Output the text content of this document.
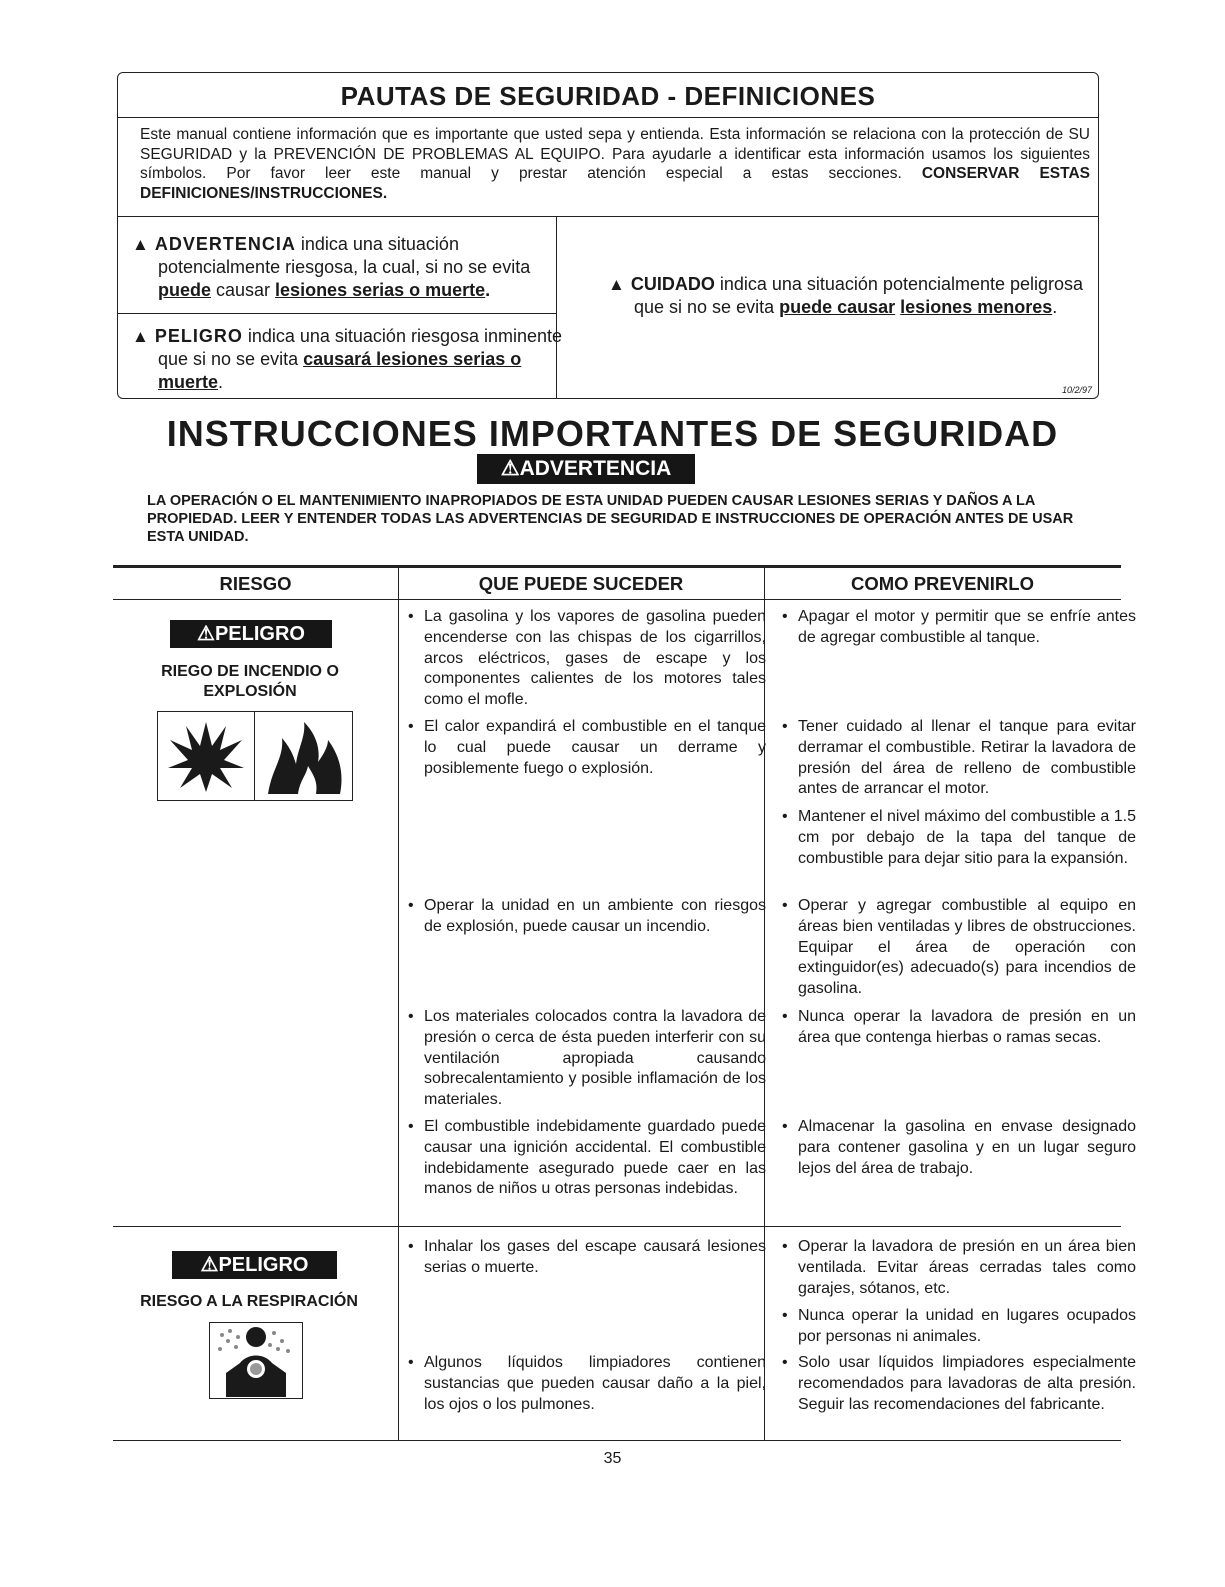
PAUTAS DE SEGURIDAD - DEFINICIONES
Este manual contiene información que es importante que usted sepa y entienda. Esta información se relaciona con la protección de SU SEGURIDAD y la PREVENCIÓN DE PROBLEMAS AL EQUIPO. Para ayudarle a identificar esta información usamos los siguientes símbolos. Por favor leer este manual y prestar atención especial a estas secciones. CONSERVAR ESTAS DEFINICIONES/INSTRUCCIONES.
▲ ADVERTENCIA indica una situación potencialmente riesgosa, la cual, si no se evita puede causar lesiones serias o muerte.
▲ PELIGRO indica una situación riesgosa inminente que si no se evita causará lesiones serias o muerte.
▲ CUIDADO indica una situación potencialmente peligrosa que si no se evita puede causar lesiones menores.
10/2/97
INSTRUCCIONES IMPORTANTES DE SEGURIDAD
⚠ADVERTENCIA
LA OPERACIÓN O EL MANTENIMIENTO INAPROPIADOS DE ESTA UNIDAD PUEDEN CAUSAR LESIONES SERIAS Y DAÑOS A LA PROPIEDAD. LEER Y ENTENDER TODAS LAS ADVERTENCIAS DE SEGURIDAD E INSTRUCCIONES DE OPERACIÓN ANTES DE USAR ESTA UNIDAD.
RIESGO	QUE PUEDE SUCEDER	COMO PREVENIRLO
⚠PELIGRO
RIEGO DE INCENDIO O EXPLOSIÓN
• La gasolina y los vapores de gasolina pueden encenderse con las chispas de los cigarrillos, arcos eléctricos, gases de escape y los componentes calientes de los motores tales como el mofle.
• El calor expandirá el combustible en el tanque lo cual puede causar un derrame y posiblemente fuego o explosión.
• Operar la unidad en un ambiente con riesgos de explosión, puede causar un incendio.
• Los materiales colocados contra la lavadora de presión o cerca de ésta pueden interferir con su ventilación apropiada causando sobrecalentamiento y posible inflamación de los materiales.
• El combustible indebidamente guardado puede causar una ignición accidental. El combustible indebidamente asegurado puede caer en las manos de niños u otras personas indebidas.
• Apagar el motor y permitir que se enfríe antes de agregar combustible al tanque.
• Tener cuidado al llenar el tanque para evitar derramar el combustible. Retirar la lavadora de presión del área de relleno de combustible antes de arrancar el motor.
• Mantener el nivel máximo del combustible a 1.5 cm por debajo de la tapa del tanque de combustible para dejar sitio para la expansión.
• Operar y agregar combustible al equipo en áreas bien ventiladas y libres de obstrucciones. Equipar el área de operación con extinguidor(es) adecuado(s) para incendios de gasolina.
• Nunca operar la lavadora de presión en un área que contenga hierbas o ramas secas.
• Almacenar la gasolina en envase designado para contener gasolina y en un lugar seguro lejos del área de trabajo.
⚠PELIGRO
RIESGO A LA RESPIRACIÓN
• Inhalar los gases del escape causará lesiones serias o muerte.
• Algunos líquidos limpiadores contienen sustancias que pueden causar daño a la piel, los ojos o los pulmones.
• Operar la lavadora de presión en un área bien ventilada. Evitar áreas cerradas tales como garajes, sótanos, etc.
• Nunca operar la unidad en lugares ocupados por personas ni animales.
• Solo usar líquidos limpiadores especialmente recomendados para lavadoras de alta presión. Seguir las recomendaciones del fabricante.
35
